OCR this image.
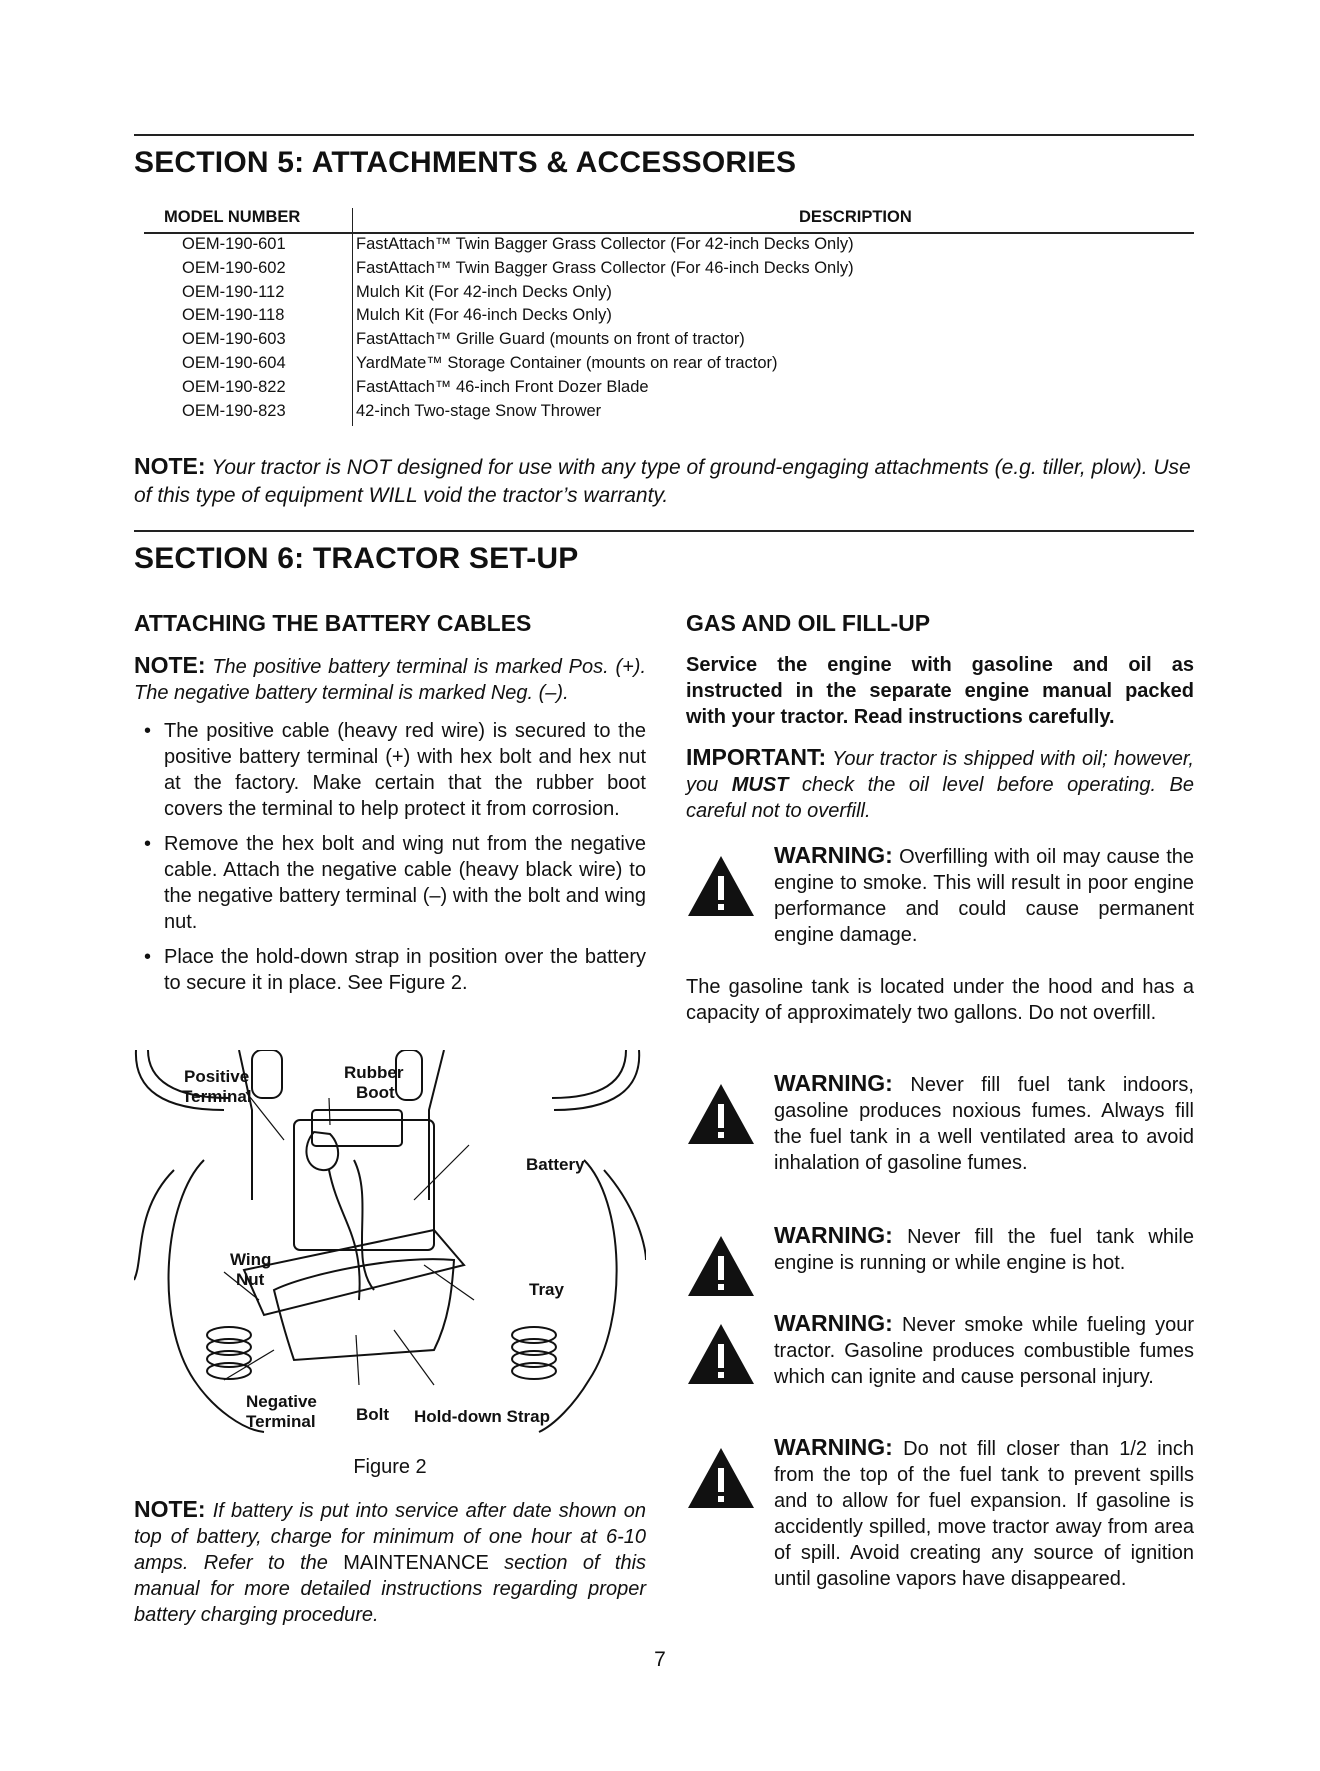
SECTION 5: ATTACHMENTS & ACCESSORIES
MODEL NUMBER	DESCRIPTION
OEM-190-601	FastAttach™ Twin Bagger Grass Collector (For 42-inch Decks Only)
OEM-190-602	FastAttach™ Twin Bagger Grass Collector (For 46-inch Decks Only)
OEM-190-112	Mulch Kit (For 42-inch Decks Only)
OEM-190-118	Mulch Kit (For 46-inch Decks Only)
OEM-190-603	FastAttach™ Grille Guard (mounts on front of tractor)
OEM-190-604	YardMate™ Storage Container (mounts on rear of tractor)
OEM-190-822	FastAttach™ 46-inch Front Dozer Blade
OEM-190-823	42-inch Two-stage Snow Thrower
NOTE: Your tractor is NOT designed for use with any type of ground-engaging attachments (e.g. tiller, plow). Use of this type of equipment WILL void the tractor’s warranty.
SECTION 6: TRACTOR SET-UP
ATTACHING THE BATTERY CABLES

NOTE: The positive battery terminal is marked Pos. (+). The negative battery terminal is marked Neg. (–).

• The positive cable (heavy red wire) is secured to the positive battery terminal (+) with hex bolt and hex nut at the factory. Make certain that the rubber boot covers the terminal to help protect it from corrosion.

• Remove the hex bolt and wing nut from the negative cable. Attach the negative cable (heavy black wire) to the negative battery terminal (–) with the bolt and wing nut.

• Place the hold-down strap in position over the battery to secure it in place. See Figure 2.

Positive
Terminal
Rubber
Boot
Battery
Wing
Nut
Tray
Negative
Terminal Bolt Hold-down Strap
Figure 2

NOTE: If battery is put into service after date shown on top of battery, charge for minimum of one hour at 6-10 amps. Refer to the MAINTENANCE section of this manual for more detailed instructions regarding proper battery charging procedure.

GAS AND OIL FILL-UP

Service the engine with gasoline and oil as instructed in the separate engine manual packed with your tractor. Read instructions carefully.

IMPORTANT: Your tractor is shipped with oil; however, you MUST check the oil level before operating. Be careful not to overfill.

WARNING: Overfilling with oil may cause the engine to smoke. This will result in poor engine performance and could cause permanent engine damage.

The gasoline tank is located under the hood and has a capacity of approximately two gallons. Do not overfill.

WARNING: Never fill fuel tank indoors, gasoline produces noxious fumes. Always fill the fuel tank in a well ventilated area to avoid inhalation of gasoline fumes.

WARNING: Never fill the fuel tank while engine is running or while engine is hot.

WARNING: Never smoke while fueling your tractor. Gasoline produces combustible fumes which can ignite and cause personal injury.

WARNING: Do not fill closer than 1/2 inch from the top of the fuel tank to prevent spills and to allow for fuel expansion. If gasoline is accidently spilled, move tractor away from area of spill. Avoid creating any source of ignition until gasoline vapors have disappeared.

7
